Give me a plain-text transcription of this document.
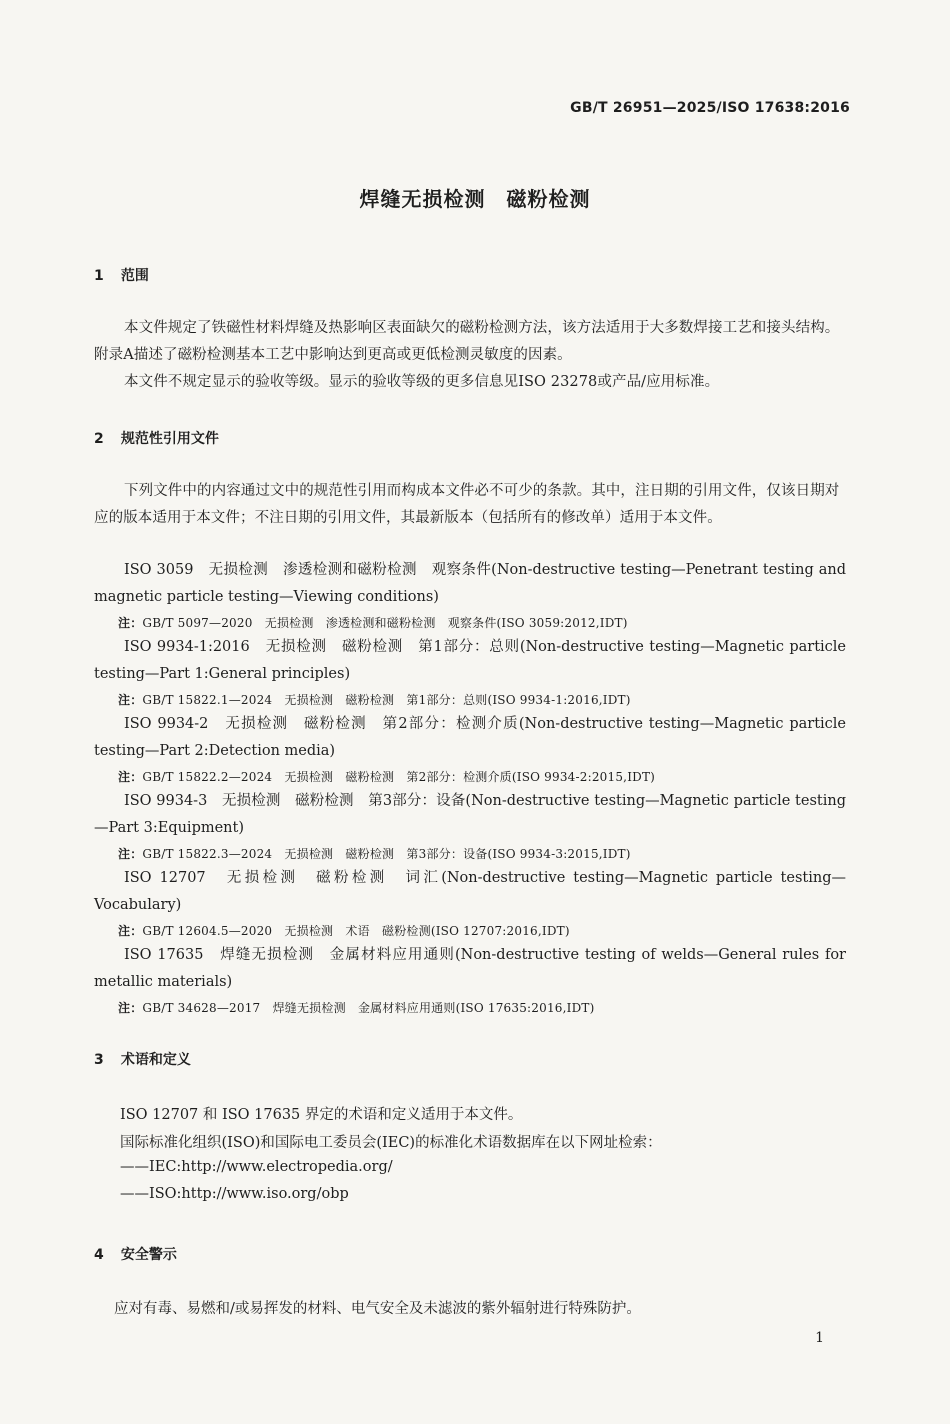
GB/T 26951—2025/ISO 17638:2016
焊缝无损检测　磁粉检测
1 范围
本文件规定了铁磁性材料焊缝及热影响区表面缺欠的磁粉检测方法，该方法适用于大多数焊接工艺和接头结构。附录A描述了磁粉检测基本工艺中影响达到更高或更低检测灵敏度的因素。
本文件不规定显示的验收等级。显示的验收等级的更多信息见ISO 23278或产品/应用标准。
2 规范性引用文件
下列文件中的内容通过文中的规范性引用而构成本文件必不可少的条款。其中，注日期的引用文件，仅该日期对应的版本适用于本文件；不注日期的引用文件，其最新版本（包括所有的修改单）适用于本文件。
ISO 3059　无损检测　渗透检测和磁粉检测　观察条件(Non-destructive testing—Penetrant testing and magnetic particle testing—Viewing conditions)
注：GB/T 5097—2020　无损检测　渗透检测和磁粉检测　观察条件(ISO 3059:2012,IDT)
ISO 9934-1:2016　无损检测　磁粉检测　第1部分：总则(Non-destructive testing—Magnetic particle testing—Part 1:General principles)
注：GB/T 15822.1—2024　无损检测　磁粉检测　第1部分：总则(ISO 9934-1:2016,IDT)
ISO 9934-2　无损检测　磁粉检测　第2部分：检测介质(Non-destructive testing—Magnetic particle testing—Part 2:Detection media)
注：GB/T 15822.2—2024　无损检测　磁粉检测　第2部分：检测介质(ISO 9934-2:2015,IDT)
ISO 9934-3　无损检测　磁粉检测　第3部分：设备(Non-destructive testing—Magnetic particle testing—Part 3:Equipment)
注：GB/T 15822.3—2024　无损检测　磁粉检测　第3部分：设备(ISO 9934-3:2015,IDT)
ISO 12707　无损检测　磁粉检测　词汇(Non-destructive testing—Magnetic particle testing—Vocabulary)
注：GB/T 12604.5—2020　无损检测　术语　磁粉检测(ISO 12707:2016,IDT)
ISO 17635　焊缝无损检测　金属材料应用通则(Non-destructive testing of welds—General rules for metallic materials)
注：GB/T 34628—2017　焊缝无损检测　金属材料应用通则(ISO 17635:2016,IDT)
3 术语和定义
ISO 12707 和 ISO 17635 界定的术语和定义适用于本文件。
国际标准化组织(ISO)和国际电工委员会(IEC)的标准化术语数据库在以下网址检索：
——IEC:http://www.electropedia.org/
——ISO:http://www.iso.org/obp
4 安全警示
应对有毒、易燃和/或易挥发的材料、电气安全及未滤波的紫外辐射进行特殊防护。
1
